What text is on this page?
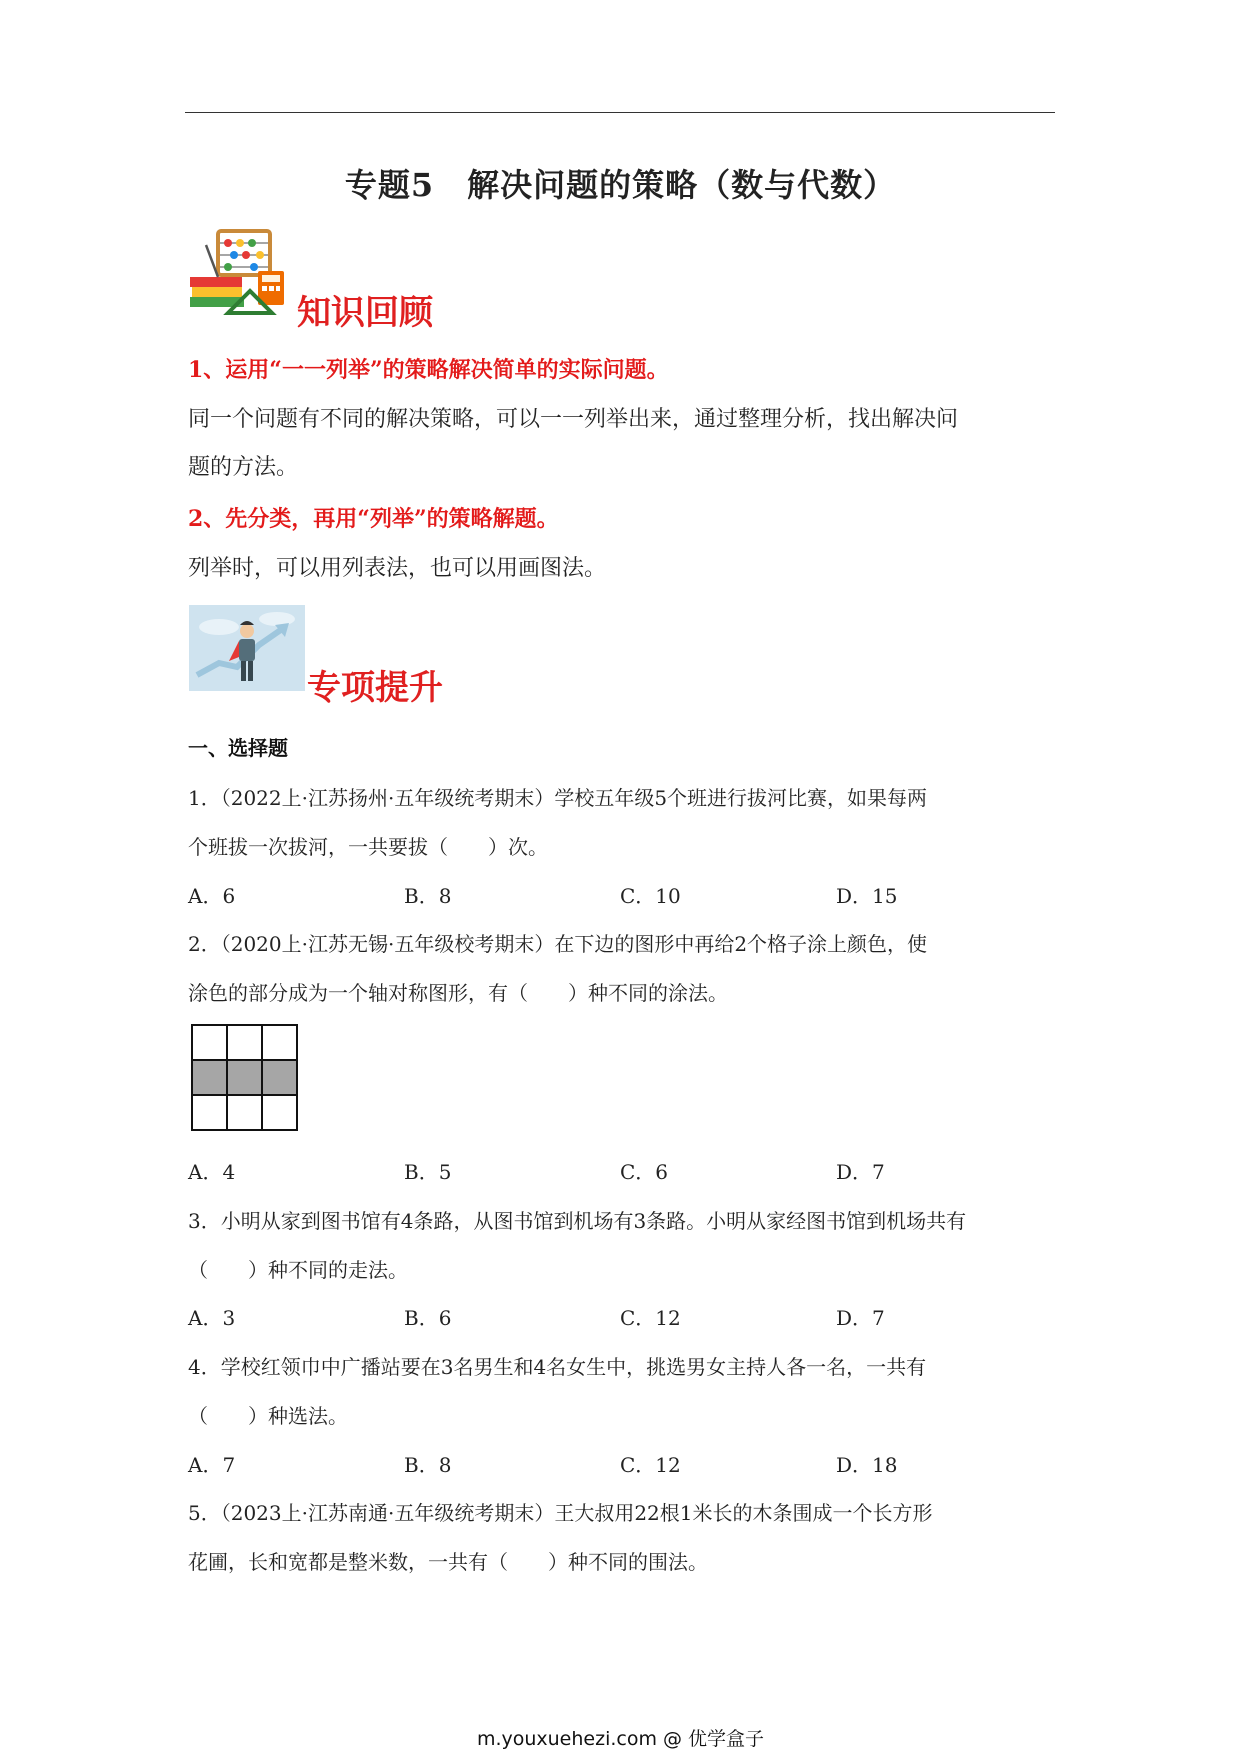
专题5　解决问题的策略（数与代数）
知识回顾
1、运用“一一列举”的策略解决简单的实际问题。
同一个问题有不同的解决策略，可以一一列举出来，通过整理分析，找出解决问
题的方法。
2、先分类，再用“列举”的策略解题。
列举时，可以用列表法，也可以用画图法。
专项提升
一、选择题
1．（2022上·江苏扬州·五年级统考期末）学校五年级5个班进行拔河比赛，如果每两
个班拔一次拔河，一共要拔（　　）次。
A．6	B．8	C．10	D．15
2．（2020上·江苏无锡·五年级校考期末）在下边的图形中再给2个格子涂上颜色，使
涂色的部分成为一个轴对称图形，有（　　）种不同的涂法。

A．4	B．5	C．6	D．7
3．小明从家到图书馆有4条路，从图书馆到机场有3条路。小明从家经图书馆到机场共有
（　　）种不同的走法。
A．3	B．6	C．12	D．7
4．学校红领巾中广播站要在3名男生和4名女生中，挑选男女主持人各一名，一共有
（　　）种选法。
A．7	B．8	C．12	D．18
5．（2023上·江苏南通·五年级统考期末）王大叔用22根1米长的木条围成一个长方形
花圃，长和宽都是整米数，一共有（　　）种不同的围法。
m.youxuehezi.com @ 优学盒子
